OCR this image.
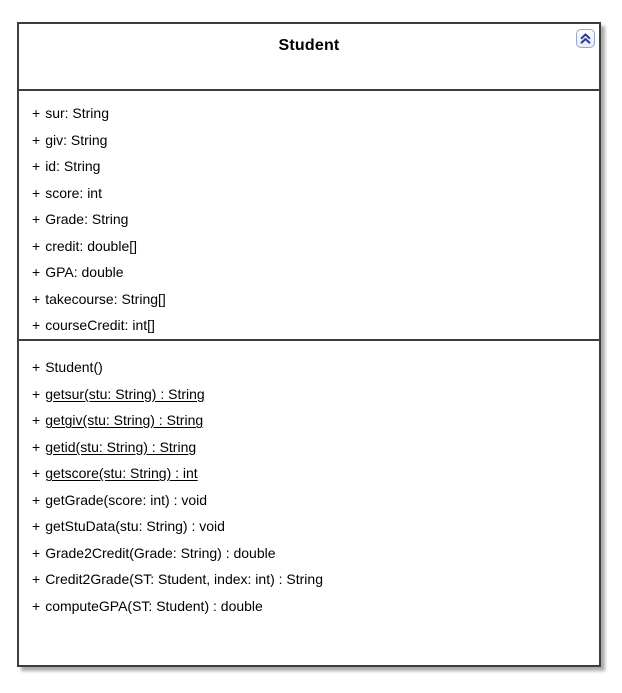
Student
+ sur: String
+ giv: String
+ id: String
+ score: int
+ Grade: String
+ credit: double[]
+ GPA: double
+ takecourse: String[]
+ courseCredit: int[]
+ Student()
+ getsur(stu: String) : String
+ getgiv(stu: String) : String
+ getid(stu: String) : String
+ getscore(stu: String) : int
+ getGrade(score: int) : void
+ getStuData(stu: String) : void
+ Grade2Credit(Grade: String) : double
+ Credit2Grade(ST: Student, index: int) : String
+ computeGPA(ST: Student) : double
